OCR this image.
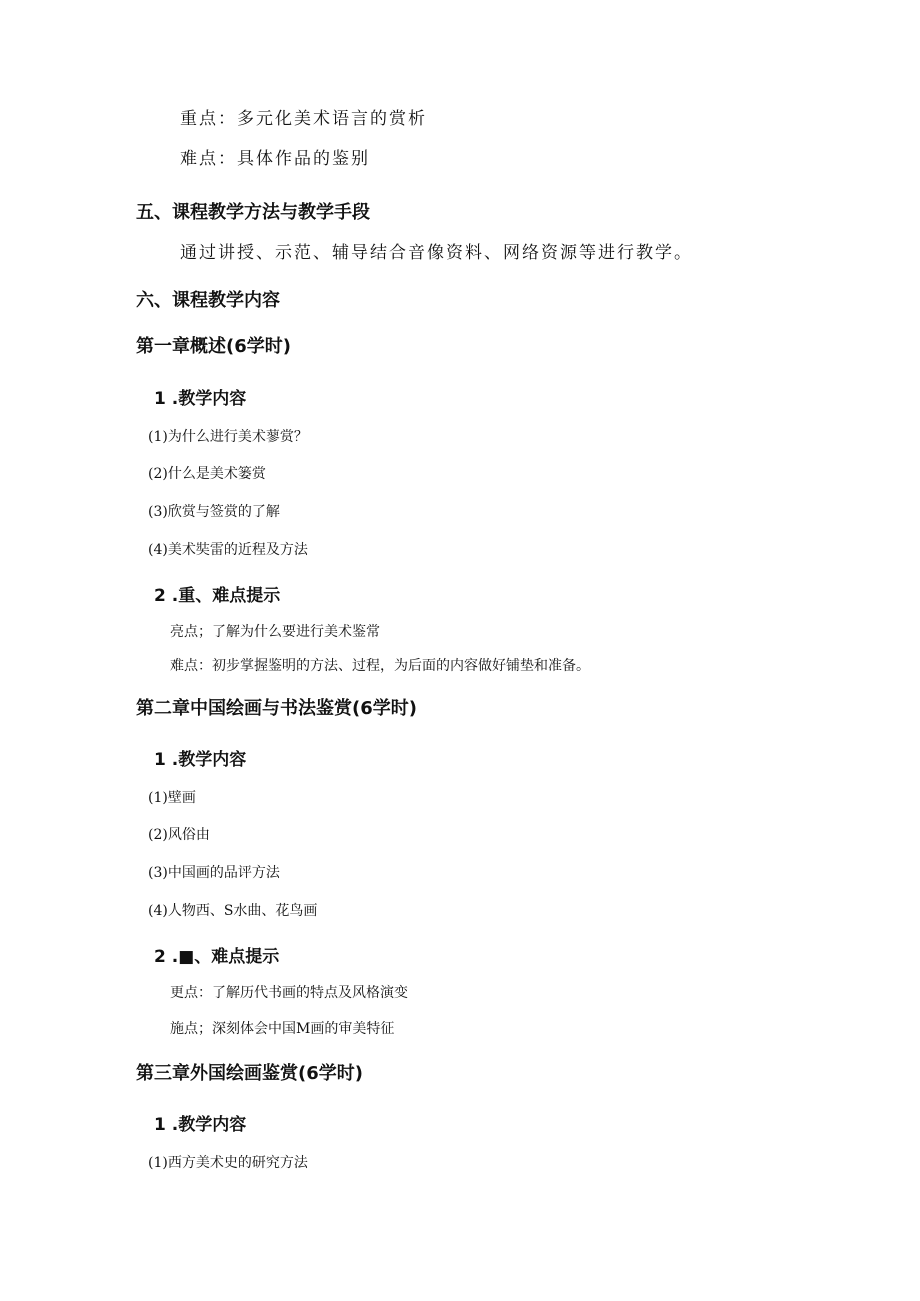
重点：多元化美术语言的赏析
难点：具体作品的鉴别
五、课程教学方法与教学手段
通过讲授、示范、辅导结合音像资料、网络资源等进行教学。
六、课程教学内容
第一章概述(6学时)
1 .教学内容
(1)为什么进行美术蓼赏？
(2)什么是美术篓赏
(3)欣赏与签赏的了解
(4)美术奘雷的近程及方法
2 .重、难点提示
亮点；了解为什么要进行美术鉴常
难点：初步掌握鉴明的方法、过程，为后面的内容做好铺垫和准备。
第二章中国绘画与书法鉴赏(6学时)
1 .教学内容
(1)壁画
(2)风俗由
(3)中国画的品评方法
(4)人物西、S水曲、花鸟画
2 .■、难点提示
更点：了解历代书画的特点及风格演变
施点；深刻体会中国M画的审美特征
第三章外国绘画鉴赏(6学时)
1 .教学内容
(1)西方美术史的研究方法
